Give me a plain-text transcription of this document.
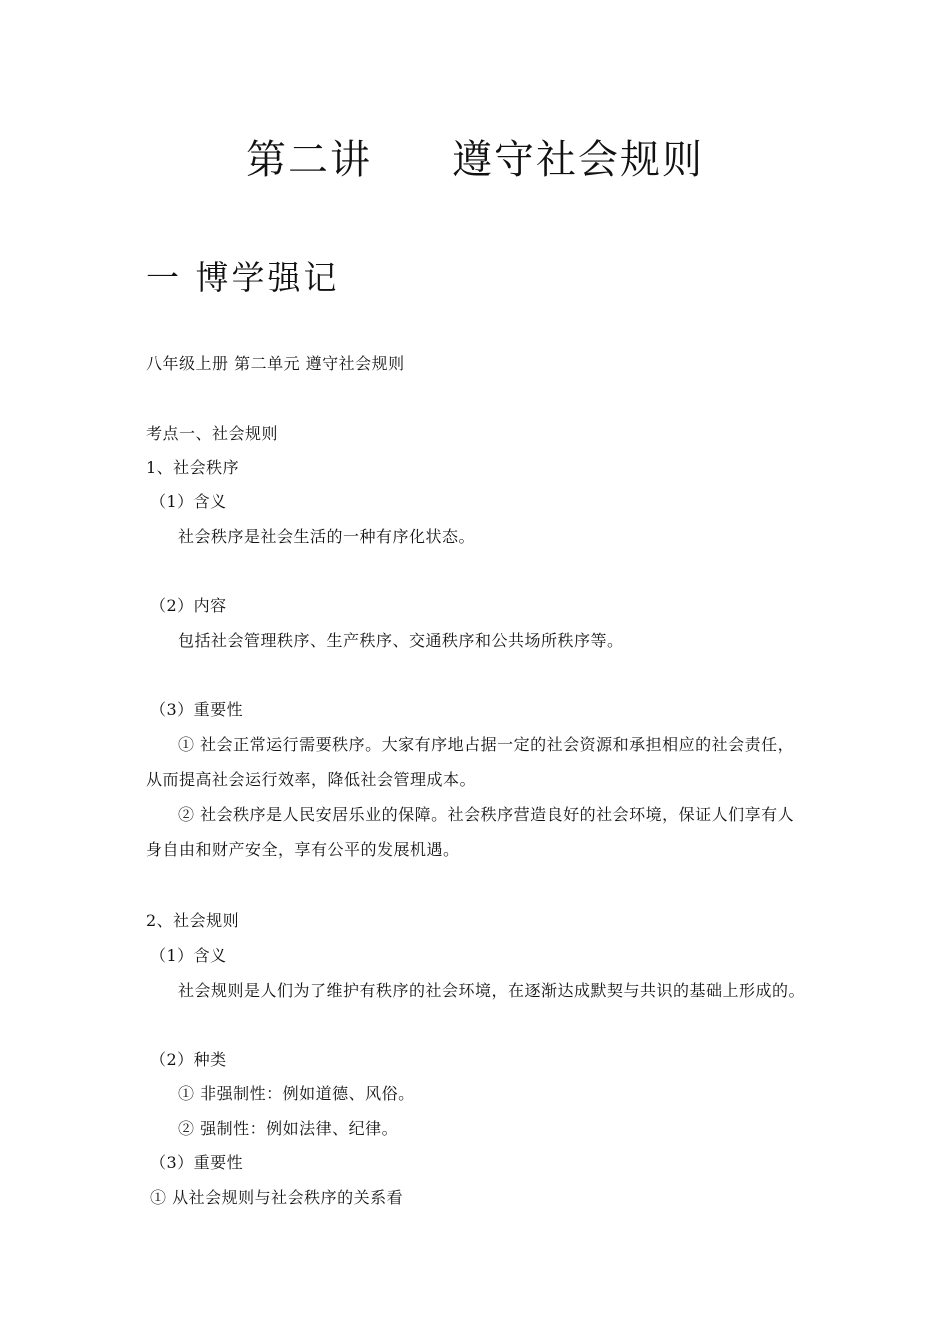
第二讲 遵守社会规则
一 博学强记
八年级上册 第二单元 遵守社会规则
考点一、社会规则
1、社会秩序
（1）含义
社会秩序是社会生活的一种有序化状态。
（2）内容
包括社会管理秩序、生产秩序、交通秩序和公共场所秩序等。
（3）重要性
① 社会正常运行需要秩序。大家有序地占据一定的社会资源和承担相应的社会责任，
从而提高社会运行效率，降低社会管理成本。
② 社会秩序是人民安居乐业的保障。社会秩序营造良好的社会环境，保证人们享有人
身自由和财产安全，享有公平的发展机遇。
2、社会规则
（1）含义
社会规则是人们为了维护有秩序的社会环境，在逐渐达成默契与共识的基础上形成的。
（2）种类
① 非强制性：例如道德、风俗。
② 强制性：例如法律、纪律。
（3）重要性
① 从社会规则与社会秩序的关系看
